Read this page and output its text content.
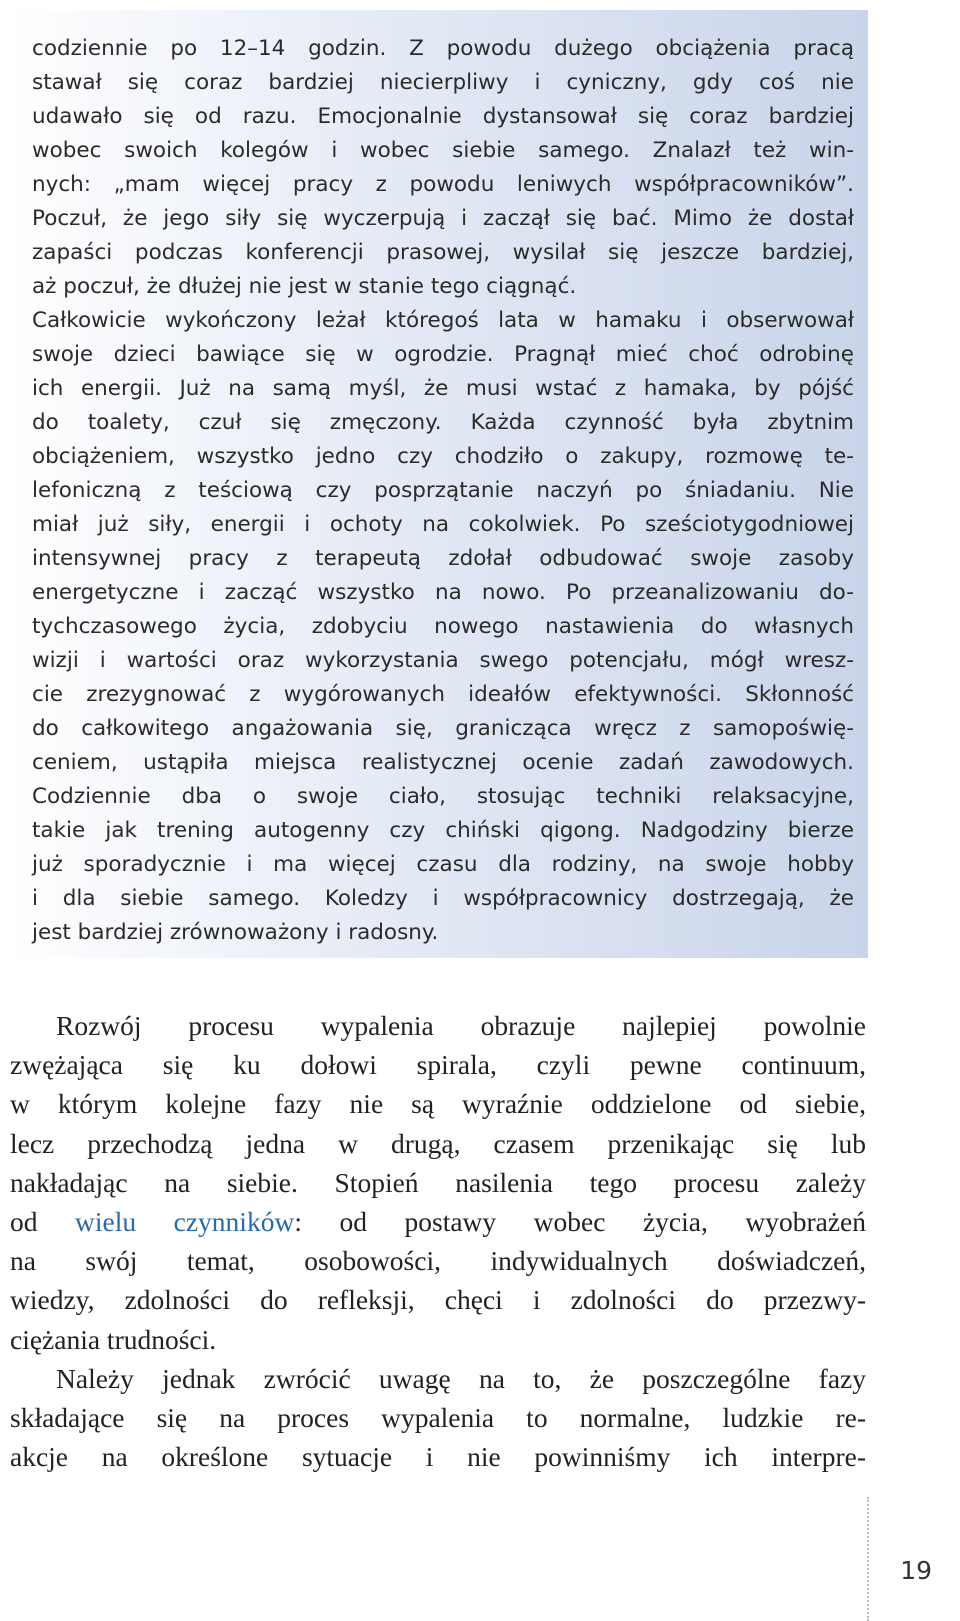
codziennie po 12–14 godzin. Z powodu dużego obciążenia pracą
stawał się coraz bardziej niecierpliwy i cyniczny, gdy coś nie
udawało się od razu. Emocjonalnie dystansował się coraz bardziej
wobec swoich kolegów i wobec siebie samego. Znalazł też win-
nych: „mam więcej pracy z powodu leniwych współpracowników”.
Poczuł, że jego siły się wyczerpują i zaczął się bać. Mimo że dostał
zapaści podczas konferencji prasowej, wysilał się jeszcze bardziej,
aż poczuł, że dłużej nie jest w stanie tego ciągnąć.
Całkowicie wykończony leżał któregoś lata w hamaku i obserwował
swoje dzieci bawiące się w ogrodzie. Pragnął mieć choć odrobinę
ich energii. Już na samą myśl, że musi wstać z hamaka, by pójść
do toalety, czuł się zmęczony. Każda czynność była zbytnim
obciążeniem, wszystko jedno czy chodziło o zakupy, rozmowę te-
lefoniczną z teściową czy posprzątanie naczyń po śniadaniu. Nie
miał już siły, energii i ochoty na cokolwiek. Po sześciotygodniowej
intensywnej pracy z terapeutą zdołał odbudować swoje zasoby
energetyczne i zacząć wszystko na nowo. Po przeanalizowaniu do-
tychczasowego życia, zdobyciu nowego nastawienia do własnych
wizji i wartości oraz wykorzystania swego potencjału, mógł wresz-
cie zrezygnować z wygórowanych ideałów efektywności. Skłonność
do całkowitego angażowania się, granicząca wręcz z samopoświę-
ceniem, ustąpiła miejsca realistycznej ocenie zadań zawodowych.
Codziennie dba o swoje ciało, stosując techniki relaksacyjne,
takie jak trening autogenny czy chiński qigong. Nadgodziny bierze
już sporadycznie i ma więcej czasu dla rodziny, na swoje hobby
i dla siebie samego. Koledzy i współpracownicy dostrzegają, że
jest bardziej zrównoważony i radosny.
Rozwój procesu wypalenia obrazuje najlepiej powolnie
zwężająca się ku dołowi spirala, czyli pewne continuum,
w którym kolejne fazy nie są wyraźnie oddzielone od siebie,
lecz przechodzą jedna w drugą, czasem przenikając się lub
nakładając na siebie. Stopień nasilenia tego procesu zależy
od wielu czynników: od postawy wobec życia, wyobrażeń
na swój temat, osobowości, indywidualnych doświadczeń,
wiedzy, zdolności do refleksji, chęci i zdolności do przezwy-
ciężania trudności.
Należy jednak zwrócić uwagę na to, że poszczególne fazy
składające się na proces wypalenia to normalne, ludzkie re-
akcje na określone sytuacje i nie powinniśmy ich interpre-
19
